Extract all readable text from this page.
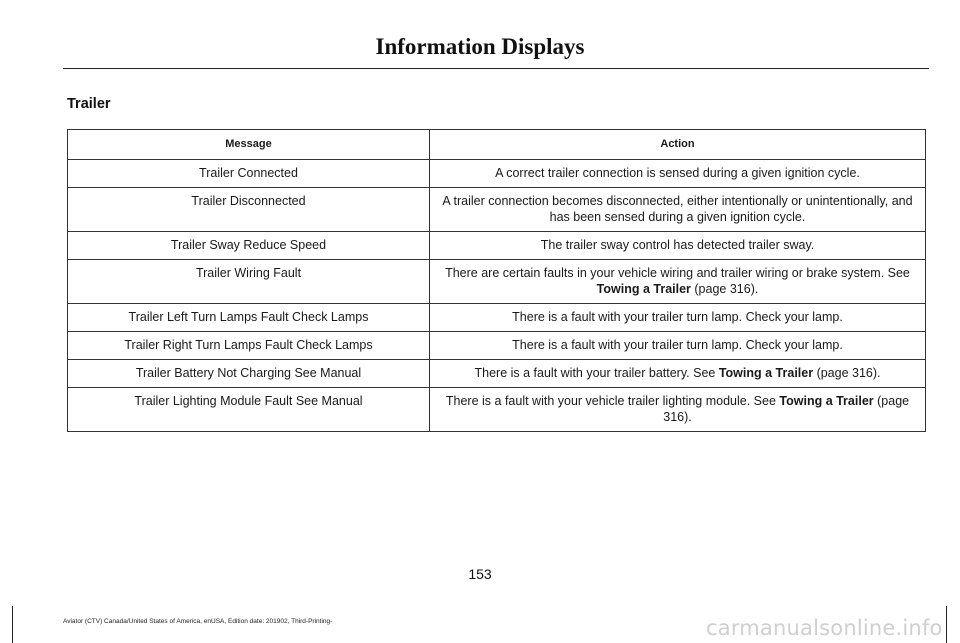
Information Displays
Trailer
Message	Action
Trailer Connected	A correct trailer connection is sensed during a given ignition cycle.
Trailer Disconnected	A trailer connection becomes disconnected, either intentionally or unintentionally, and has been sensed during a given ignition cycle.
Trailer Sway Reduce Speed	The trailer sway control has detected trailer sway.
Trailer Wiring Fault	There are certain faults in your vehicle wiring and trailer wiring or brake system. See Towing a Trailer (page 316).
Trailer Left Turn Lamps Fault Check Lamps	There is a fault with your trailer turn lamp. Check your lamp.
Trailer Right Turn Lamps Fault Check Lamps	There is a fault with your trailer turn lamp. Check your lamp.
Trailer Battery Not Charging See Manual	There is a fault with your trailer battery. See Towing a Trailer (page 316).
Trailer Lighting Module Fault See Manual	There is a fault with your vehicle trailer lighting module. See Towing a Trailer (page 316).
153
Aviator (CTV) Canada/United States of America, enUSA, Edition date: 201902, Third-Printing-	carmanualsonline.info
